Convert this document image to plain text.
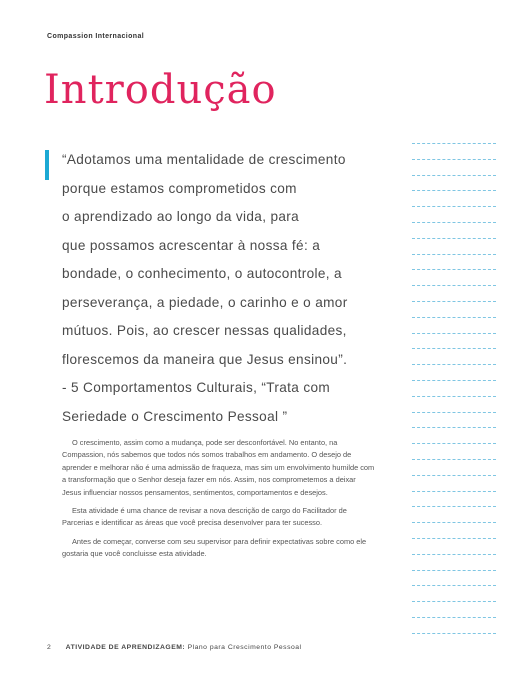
Compassion Internacional
Introdução
“Adotamos uma mentalidade de crescimento
porque estamos comprometidos com
o aprendizado ao longo da vida, para
que possamos acrescentar à nossa fé: a
bondade, o conhecimento, o autocontrole, a
perseverança, a piedade, o carinho e o amor
mútuos. Pois, ao crescer nessas qualidades,
florescemos da maneira que Jesus ensinou”.
- 5 Comportamentos Culturais, “Trata com
Seriedade o Crescimento Pessoal ”

O crescimento, assim como a mudança, pode ser desconfortável. No entanto, na Compassion, nós sabemos que todos nós somos trabalhos em andamento. O desejo de aprender e melhorar não é uma admissão de fraqueza, mas sim um envolvimento humilde com a transformação que o Senhor deseja fazer em nós. Assim, nos comprometemos a deixar Jesus influenciar nossos pensamentos, sentimentos, comportamentos e desejos.

Esta atividade é uma chance de revisar a nova descrição de cargo do Facilitador de Parcerias e identificar as áreas que você precisa desenvolver para ter sucesso.

Antes de começar, converse com seu supervisor para definir expectativas sobre como ele gostaria que você concluisse esta atividade.

2 ATIVIDADE DE APRENDIZAGEM: Plano para Crescimento Pessoal
